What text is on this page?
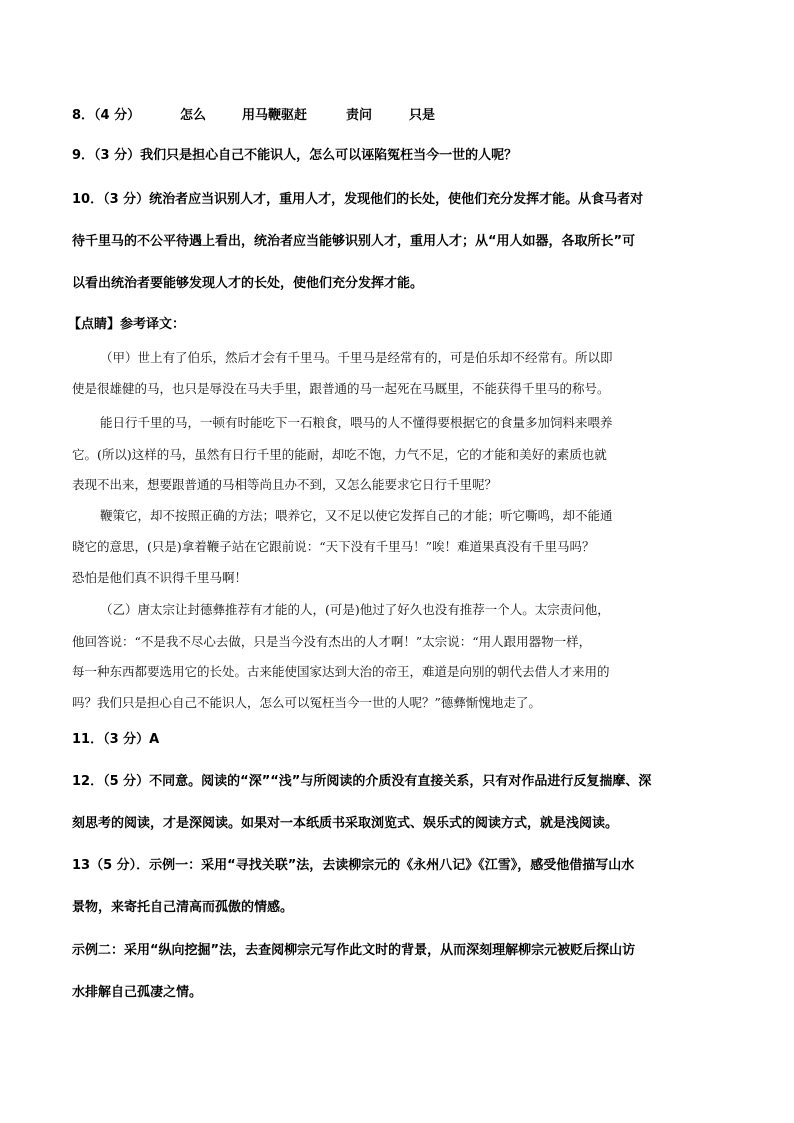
8．（4 分）	怎么	用马鞭驱赶	责问	只是
9．（3 分）我们只是担心自己不能识人，怎么可以诬陷冤枉当今一世的人呢？
10．（3 分）统治者应当识别人才，重用人才，发现他们的长处，使他们充分发挥才能。从食马者对
待千里马的不公平待遇上看出，统治者应当能够识别人才，重用人才；从“用人如器，各取所长”可
以看出统治者要能够发现人才的长处，使他们充分发挥才能。
【点睛】参考译文：
（甲）世上有了伯乐，然后才会有千里马。千里马是经常有的，可是伯乐却不经常有。所以即
使是很雄健的马，也只是辱没在马夫手里，跟普通的马一起死在马厩里，不能获得千里马的称号。
能日行千里的马，一顿有时能吃下一石粮食，喂马的人不懂得要根据它的食量多加饲料来喂养
它。(所以)这样的马，虽然有日行千里的能耐，却吃不饱，力气不足，它的才能和美好的素质也就
表现不出来，想要跟普通的马相等尚且办不到，又怎么能要求它日行千里呢？
鞭策它，却不按照正确的方法；喂养它，又不足以使它发挥自己的才能；听它嘶鸣，却不能通
晓它的意思，(只是)拿着鞭子站在它跟前说：“天下没有千里马！”唉！难道果真没有千里马吗？
恐怕是他们真不识得千里马啊！
（乙）唐太宗让封德彝推荐有才能的人，(可是)他过了好久也没有推荐一个人。太宗责问他，
他回答说：“不是我不尽心去做，只是当今没有杰出的人才啊！”太宗说：“用人跟用器物一样，
每一种东西都要选用它的长处。古来能使国家达到大治的帝王，难道是向别的朝代去借人才来用的
吗？我们只是担心自己不能识人，怎么可以冤枉当今一世的人呢？”德彝惭愧地走了。
11．（3 分）A
12．（5 分）不同意。阅读的“深”“浅”与所阅读的介质没有直接关系，只有对作品进行反复揣摩、深
刻思考的阅读，才是深阅读。如果对一本纸质书采取浏览式、娱乐式的阅读方式，就是浅阅读。
13（5 分）．示例一：采用“寻找关联”法，去读柳宗元的《永州八记》《江雪》，感受他借描写山水
景物，来寄托自己清高而孤傲的情感。
示例二：采用“纵向挖掘”法，去查阅柳宗元写作此文时的背景，从而深刻理解柳宗元被贬后探山访
水排解自己孤凄之情。
